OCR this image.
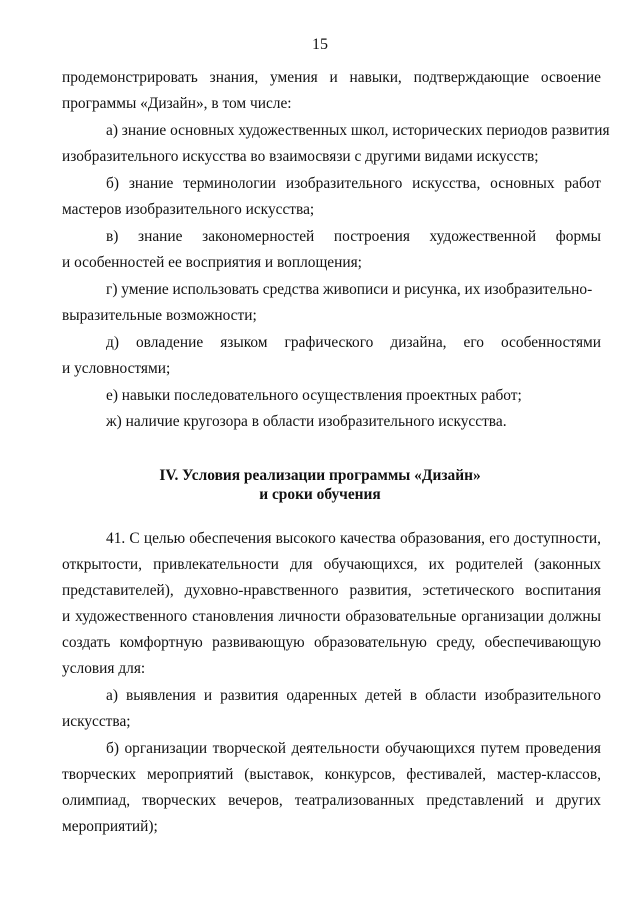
15
продемонстрировать знания, умения и навыки, подтверждающие освоение
программы «Дизайн», в том числе:
а) знание основных художественных школ, исторических периодов развития
изобразительного искусства во взаимосвязи с другими видами искусств;
б) знание терминологии изобразительного искусства, основных работ
мастеров изобразительного искусства;
в) знание закономерностей построения художественной формы
и особенностей ее восприятия и воплощения;
г) умение использовать средства живописи и рисунка, их изобразительно-
выразительные возможности;
д) овладение языком графического дизайна, его особенностями
и условностями;
е) навыки последовательного осуществления проектных работ;
ж) наличие кругозора в области изобразительного искусства.
IV. Условия реализации программы «Дизайн»
и сроки обучения
41. С целью обеспечения высокого качества образования, его доступности,
открытости, привлекательности для обучающихся, их родителей (законных
представителей), духовно-нравственного развития, эстетического воспитания
и художественного становления личности образовательные организации должны
создать комфортную развивающую образовательную среду, обеспечивающую
условия для:
а) выявления и развития одаренных детей в области изобразительного
искусства;
б) организации творческой деятельности обучающихся путем проведения
творческих мероприятий (выставок, конкурсов, фестивалей, мастер-классов,
олимпиад, творческих вечеров, театрализованных представлений и других
мероприятий);
